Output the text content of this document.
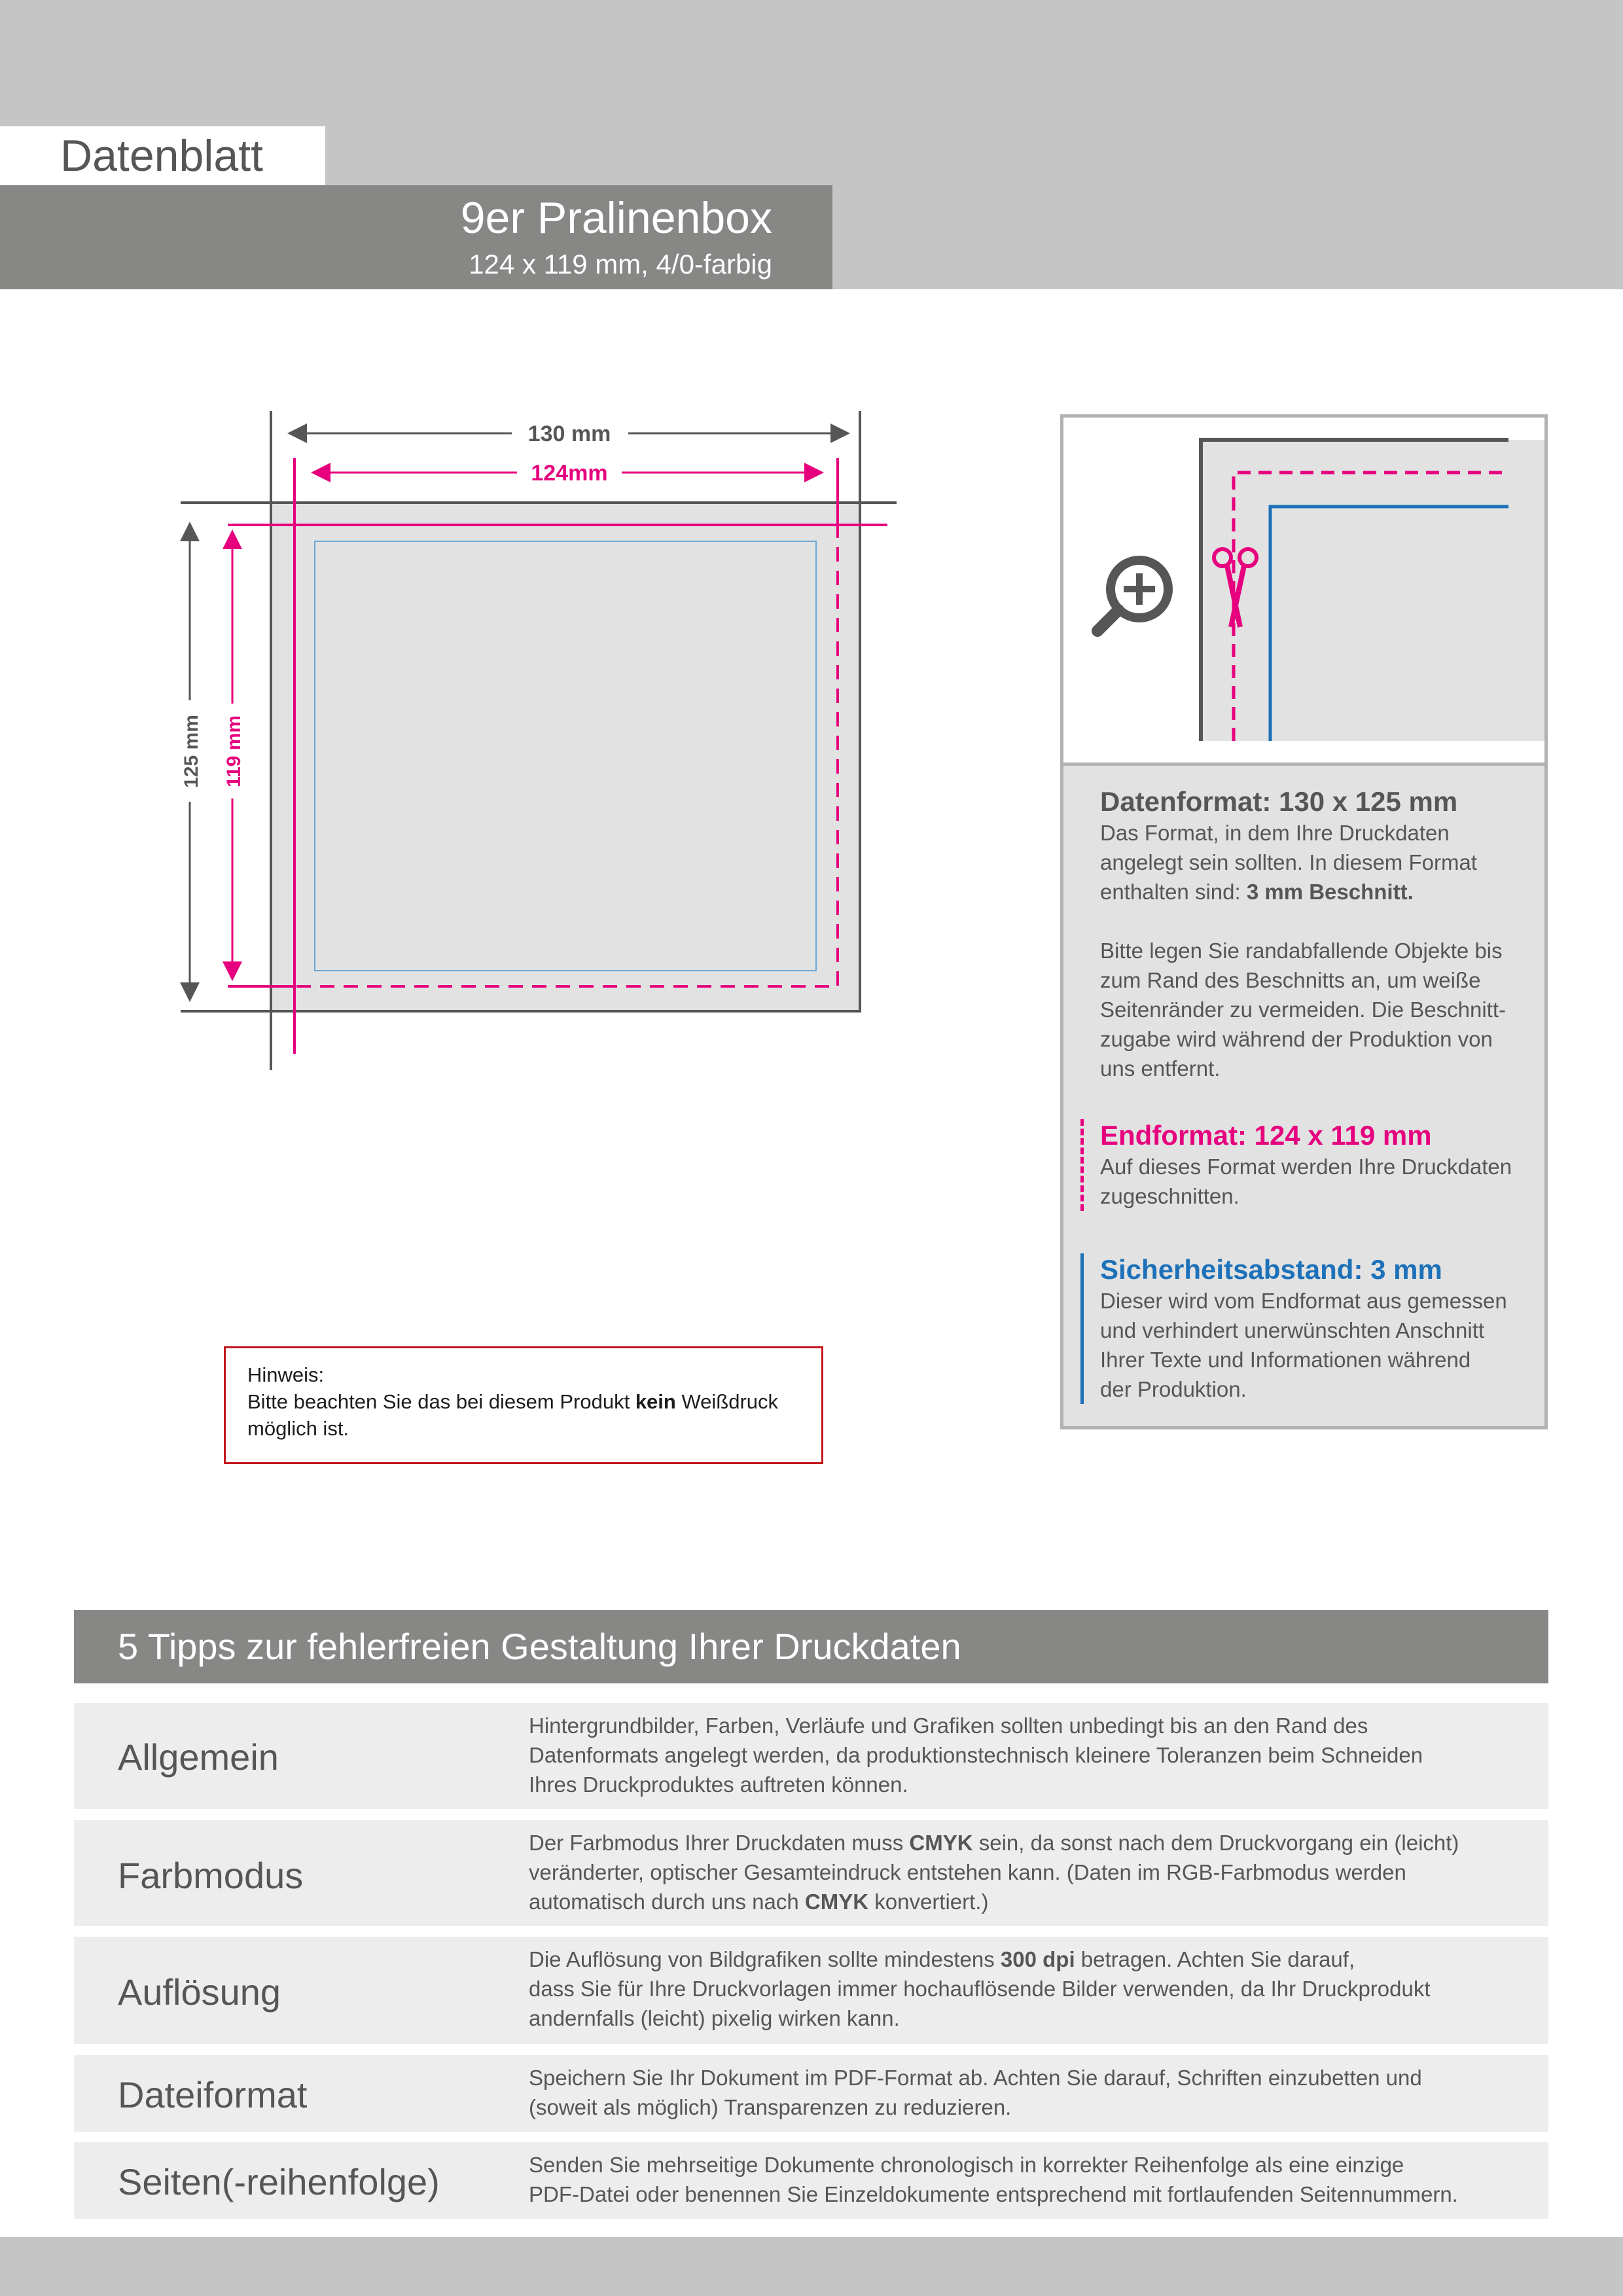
Datenblatt
9er Pralinenbox
124 x 119 mm, 4/0-farbig
130 mm
124mm
125 mm 119 mm
Datenformat: 130 x 125 mm
Das Format, in dem Ihre Druckdaten
angelegt sein sollten. In diesem Format
enthalten sind: 3 mm Beschnitt.
Bitte legen Sie randabfallende Objekte bis
zum Rand des Beschnitts an, um weiße
Seitenränder zu vermeiden. Die Beschnitt-
zugabe wird während der Produktion von
uns entfernt.
Endformat: 124 x 119 mm
Auf dieses Format werden Ihre Druckdaten
zugeschnitten.
Sicherheitsabstand: 3 mm
Dieser wird vom Endformat aus gemessen
und verhindert unerwünschten Anschnitt
Ihrer Texte und Informationen während
der Produktion.
Hinweis:
Bitte beachten Sie das bei diesem Produkt kein Weißdruck
möglich ist.
5 Tipps zur fehlerfreien Gestaltung Ihrer Druckdaten
Allgemein
Hintergrundbilder, Farben, Verläufe und Grafiken sollten unbedingt bis an den Rand des
Datenformats angelegt werden, da produktionstechnisch kleinere Toleranzen beim Schneiden
Ihres Druckproduktes auftreten können.
Farbmodus
Der Farbmodus Ihrer Druckdaten muss CMYK sein, da sonst nach dem Druckvorgang ein (leicht)
veränderter, optischer Gesamteindruck entstehen kann. (Daten im RGB-Farbmodus werden
automatisch durch uns nach CMYK konvertiert.)
Auflösung
Die Auflösung von Bildgrafiken sollte mindestens 300 dpi betragen. Achten Sie darauf,
dass Sie für Ihre Druckvorlagen immer hochauflösende Bilder verwenden, da Ihr Druckprodukt
andernfalls (leicht) pixelig wirken kann.
Dateiformat	Speichern Sie Ihr Dokument im PDF-Format ab. Achten Sie darauf, Schriften einzubetten und
(soweit als möglich) Transparenzen zu reduzieren.
Seiten(-reihenfolge)	Senden Sie mehrseitige Dokumente chronologisch in korrekter Reihenfolge als eine einzige
PDF-Datei oder benennen Sie Einzeldokumente entsprechend mit fortlaufenden Seitennummern.
